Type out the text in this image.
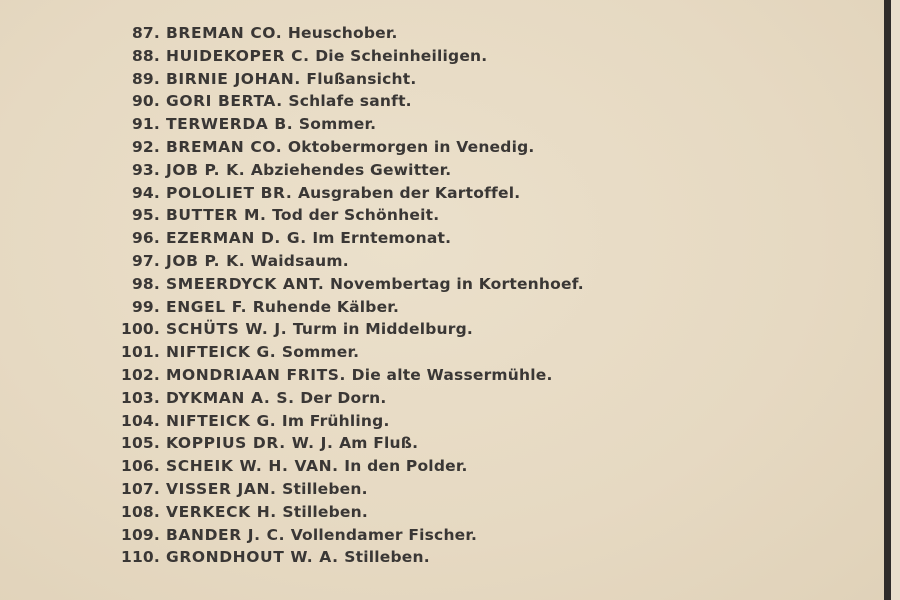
87. BREMAN CO. Heuschober.
88. HUIDEKOPER C. Die Scheinheiligen.
89. BIRNIE JOHAN. Flußansicht.
90. GORI BERTA. Schlafe sanft.
91. TERWERDA B. Sommer.
92. BREMAN CO. Oktobermorgen in Venedig.
93. JOB P. K. Abziehendes Gewitter.
94. POLOLIET BR. Ausgraben der Kartoffel.
95. BUTTER M. Tod der Schönheit.
96. EZERMAN D. G. Im Erntemonat.
97. JOB P. K. Waidsaum.
98. SMEERDYCK ANT. Novembertag in Kortenhoef.
99. ENGEL F. Ruhende Kälber.
100. SCHÜTS W. J. Turm in Middelburg.
101. NIFTEICK G. Sommer.
102. MONDRIAAN FRITS. Die alte Wassermühle.
103. DYKMAN A. S. Der Dorn.
104. NIFTEICK G. Im Frühling.
105. KOPPIUS DR. W. J. Am Fluß.
106. SCHEIK W. H. VAN. In den Polder.
107. VISSER JAN. Stilleben.
108. VERKECK H. Stilleben.
109. BANDER J. C. Vollendamer Fischer.
110. GRONDHOUT W. A. Stilleben.
